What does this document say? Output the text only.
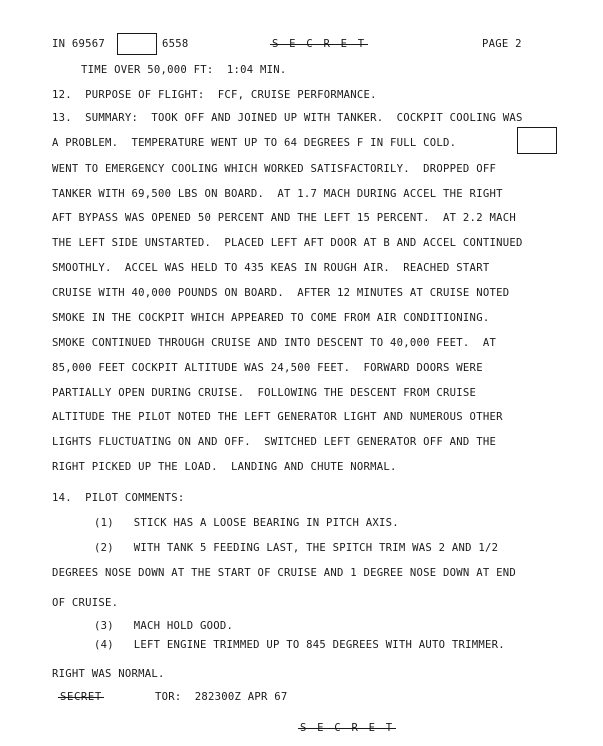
IN 69567	6558	S E C R E T	PAGE 2
TIME OVER 50,000 FT:  1:04 MIN.
12.  PURPOSE OF FLIGHT:  FCF, CRUISE PERFORMANCE.
13.  SUMMARY:  TOOK OFF AND JOINED UP WITH TANKER.  COCKPIT COOLING WAS
A PROBLEM.  TEMPERATURE WENT UP TO 64 DEGREES F IN FULL COLD.
WENT TO EMERGENCY COOLING WHICH WORKED SATISFACTORILY.  DROPPED OFF
TANKER WITH 69,500 LBS ON BOARD.  AT 1.7 MACH DURING ACCEL THE RIGHT
AFT BYPASS WAS OPENED 50 PERCENT AND THE LEFT 15 PERCENT.  AT 2.2 MACH
THE LEFT SIDE UNSTARTED.  PLACED LEFT AFT DOOR AT B AND ACCEL CONTINUED
SMOOTHLY.  ACCEL WAS HELD TO 435 KEAS IN ROUGH AIR.  REACHED START
CRUISE WITH 40,000 POUNDS ON BOARD.  AFTER 12 MINUTES AT CRUISE NOTED
SMOKE IN THE COCKPIT WHICH APPEARED TO COME FROM AIR CONDITIONING.
SMOKE CONTINUED THROUGH CRUISE AND INTO DESCENT TO 40,000 FEET.  AT
85,000 FEET COCKPIT ALTITUDE WAS 24,500 FEET.  FORWARD DOORS WERE
PARTIALLY OPEN DURING CRUISE.  FOLLOWING THE DESCENT FROM CRUISE
ALTITUDE THE PILOT NOTED THE LEFT GENERATOR LIGHT AND NUMEROUS OTHER
LIGHTS FLUCTUATING ON AND OFF.  SWITCHED LEFT GENERATOR OFF AND THE
RIGHT PICKED UP THE LOAD.  LANDING AND CHUTE NORMAL.
14.  PILOT COMMENTS:
(1)   STICK HAS A LOOSE BEARING IN PITCH AXIS.
(2)   WITH TANK 5 FEEDING LAST, THE SPITCH TRIM WAS 2 AND 1/2
DEGREES NOSE DOWN AT THE START OF CRUISE AND 1 DEGREE NOSE DOWN AT END
OF CRUISE.
(3)   MACH HOLD GOOD.
(4)   LEFT ENGINE TRIMMED UP TO 845 DEGREES WITH AUTO TRIMMER.
RIGHT WAS NORMAL.
SECRET	TOR:  282300Z APR 67
S E C R E T
